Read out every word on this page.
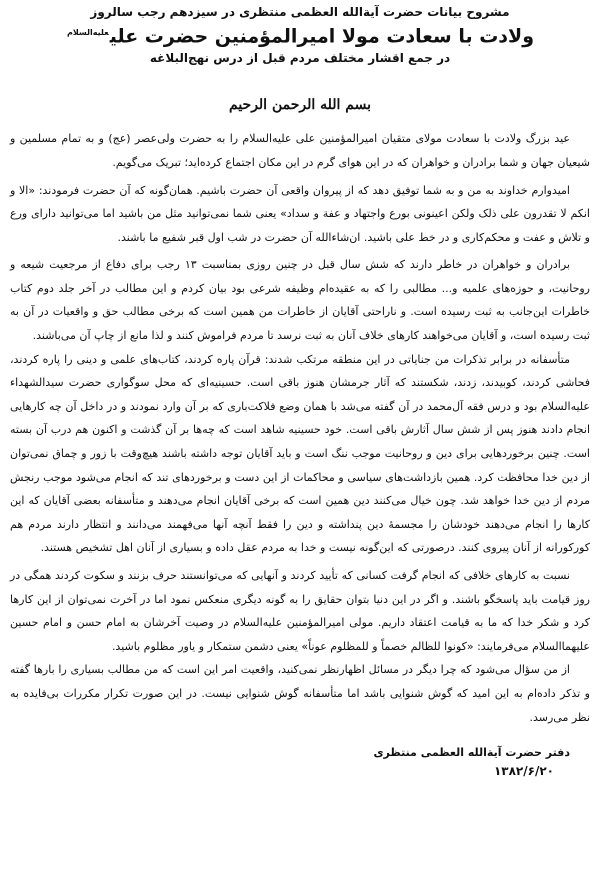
مشروح بیانات حضرت آیة‌الله العظمی منتظری در سیزدهم رجب سالروز

ولادت با سعادت مولا امیرالمؤمنین حضرت علی$^{علیه‌السلام}$

در جمع اقشار مختلف مردم قبل از درس نهج‌البلاغه

بسم الله الرحمن الرحیم

عید بزرگ ولادت با سعادت مولای متقیان امیرالمؤمنین علی علیه‌السلام را به حضرت ولی‌عصر (عج) و به تمام مسلمین و شیعیان جهان و شما برادران و خواهران که در این هوای گرم در این مکان اجتماع کرده‌اید؛ تبریک می‌گویم.

امیدوارم خداوند به من و به شما توفیق دهد که از پیروان واقعی آن حضرت باشیم. همان‌گونه که آن حضرت فرمودند: «الا و انکم لا تقدرون علی ذلک ولکن اعینونی بورع واجتهاد و عفة و سداد» یعنی شما نمی‌توانید مثل من باشید اما می‌توانید دارای ورع و تلاش و عفت و محکم‌کاری و در خط علی باشید. ان‌شاءالله آن حضرت در شب اول قبر شفیع ما باشند.

برادران و خواهران در خاطر دارند که شش سال قبل در چنین روزی بمناسبت ۱۳ رجب برای دفاع از مرجعیت شیعه و روحانیت، و حوزه‌های علمیه و... مطالبی را که به عقیده‌ام وظیفه شرعی بود بیان کردم و این مطالب در آخر جلد دوم کتاب خاطرات این‌جانب به ثبت رسیده است. و ناراحتی آقایان از خاطرات من همین است که برخی مطالب حق و واقعیات در آن به ثبت رسیده است، و آقایان می‌خواهند کارهای خلاف آنان به ثبت نرسد تا مردم فراموش کنند و لذا مانع از چاپ آن می‌باشند.

متأسفانه در برابر تذکرات من جنایاتی در این منطقه مرتکب شدند: قرآن پاره کردند، کتاب‌های علمی و دینی را پاره کردند، فحاشی کردند، کوبیدند، زدند، شکستند که آثار جرمشان هنوز باقی است. حسینیه‌ای که محل سوگواری حضرت سیدالشهداء علیه‌السلام بود و درس فقه آل‌محمد در آن گفته می‌شد با همان وضع فلاکت‌باری که بر آن وارد نمودند و در داخل آن چه کارهایی انجام دادند هنوز پس از شش سال آثارش باقی است. خود حسینیه شاهد است که چه‌ها بر آن گذشت و اکنون هم درب آن بسته است. چنین برخوردهایی برای دین و روحانیت موجب ننگ است و باید آقایان توجه داشته باشند هیچ‌وقت با زور و چماق نمی‌توان از دین خدا محافظت کرد. همین بازداشت‌های سیاسی و محاکمات از این دست و برخوردهای تند که انجام می‌شود موجب رنجش مردم از دین خدا خواهد شد. چون خیال می‌کنند دین همین است که برخی آقایان انجام می‌دهند و متأسفانه بعضی آقایان که این کارها را انجام می‌دهند خودشان را مجسمهٔ دین پنداشته و دین را فقط آنچه آنها می‌فهمند می‌دانند و انتظار دارند مردم هم کورکورانه از آنان پیروی کنند. درصورتی که این‌گونه نیست و خدا به مردم عقل داده و بسیاری از آنان اهل تشخیص هستند.

نسبت به کارهای خلافی که انجام گرفت کسانی که تأیید کردند و آنهایی که می‌توانستند حرف بزنند و سکوت کردند همگی در روز قیامت باید پاسخگو باشند. و اگر در این دنیا بتوان حقایق را به گونه دیگری منعکس نمود اما در آخرت نمی‌توان از این کارها کرد و شکر خدا که ما به قیامت اعتقاد داریم. مولی امیرالمؤمنین علیه‌السلام در وصیت آخرشان به امام حسن و امام حسین علیهماالسلام می‌فرمایند: «کونوا للظالم خصماً و للمظلوم عوناً» یعنی دشمن ستمکار و یاور مظلوم باشید.

از من سؤال می‌شود که چرا دیگر در مسائل اظهارنظر نمی‌کنید، واقعیت امر این است که من مطالب بسیاری را بارها گفته و تذکر داده‌ام به این امید که گوش شنوایی باشد اما متأسفانه گوش شنوایی نیست. در این صورت تکرار مکررات بی‌فایده به نظر می‌رسد.

دفتر حضرت آیة‌الله العظمی منتظری
۱۳۸۲/۶/۲۰
